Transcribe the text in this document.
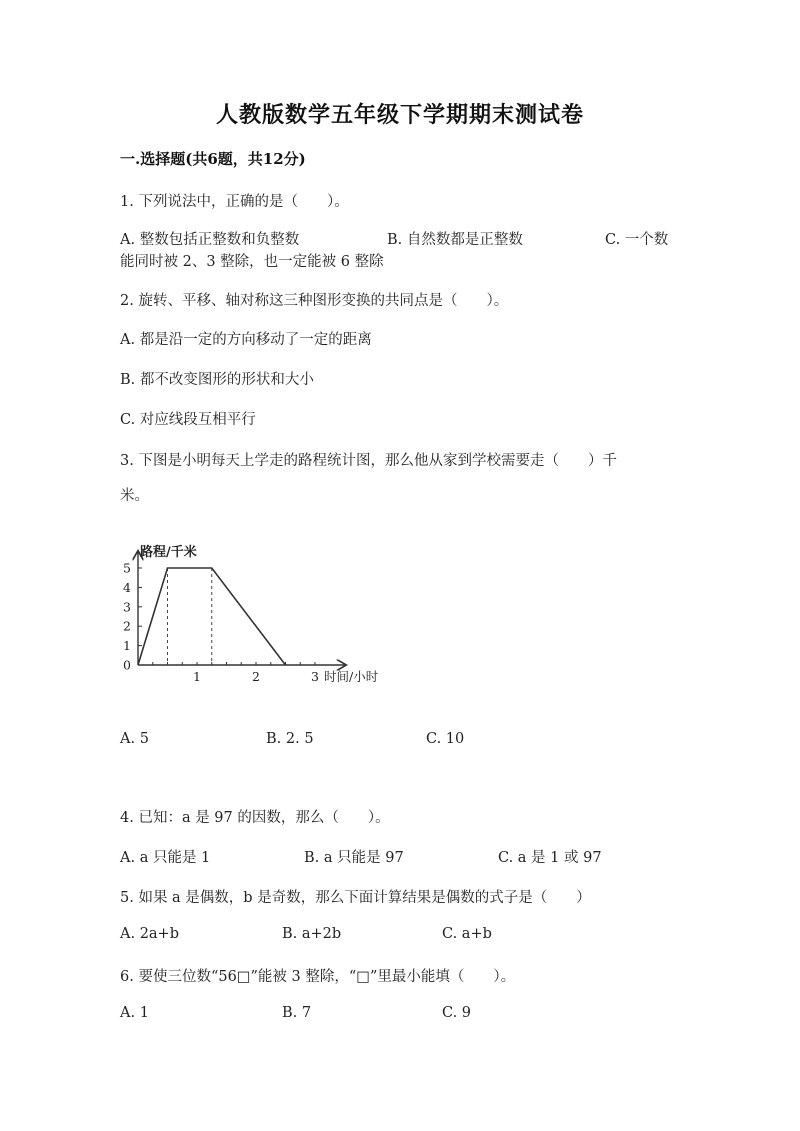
人教版数学五年级下学期期末测试卷
一.选择题(共6题，共12分)
1. 下列说法中，正确的是（　　）。
A. 整数包括正整数和负整数	B. 自然数都是正整数	C. 一个数
能同时被 2、3 整除，也一定能被 6 整除
2. 旋转、平移、轴对称这三种图形变换的共同点是（　　）。
A. 都是沿一定的方向移动了一定的距离
B. 都不改变图形的形状和大小
C. 对应线段互相平行
3. 下图是小明每天上学走的路程统计图，那么他从家到学校需要走（　　）千
米。
0
1
2
3
4
5
1	2	3
路程/千米
时间/小时
A. 5	B. 2. 5	C. 10
4. 已知：a 是 97 的因数，那么（　　）。
A. a 只能是 1	B. a 只能是 97	C. a 是 1 或 97
5. 如果 a 是偶数，b 是奇数，那么下面计算结果是偶数的式子是（　　）
A. 2a+b	B. a+2b	C. a+b
6. 要使三位数“56□”能被 3 整除，“□”里最小能填（　　）。
A. 1	B. 7	C. 9
